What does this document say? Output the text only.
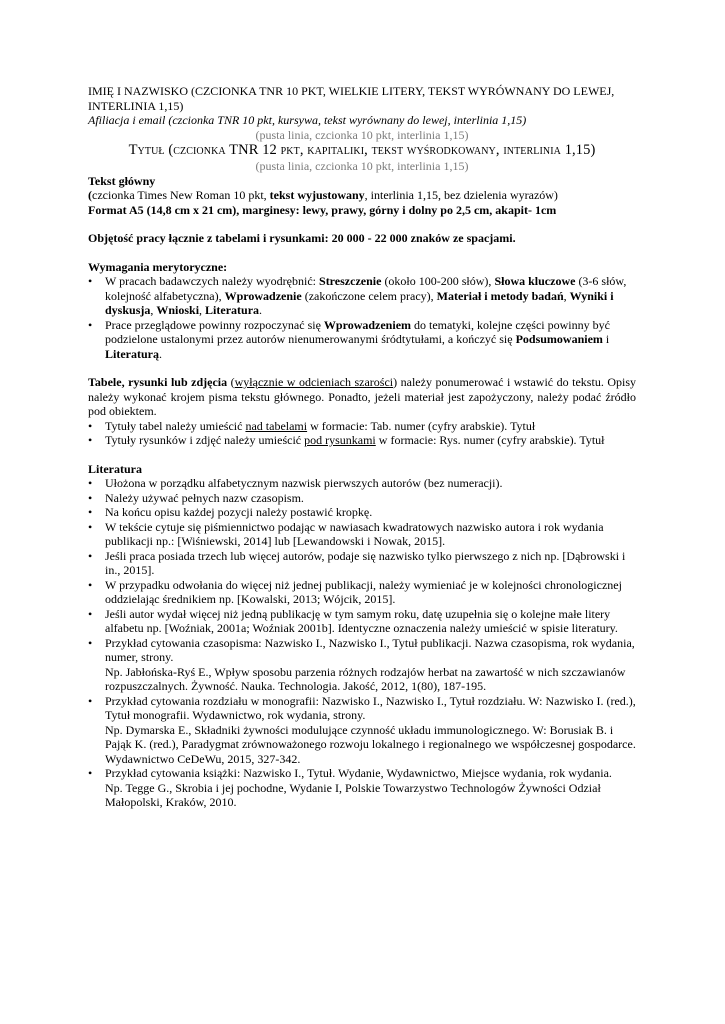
IMIĘ I NAZWISKO (CZCIONKA TNR 10 PKT, WIELKIE LITERY, TEKST WYRÓWNANY DO LEWEJ, INTERLINIA 1,15)

Afiliacja i email (czcionka TNR 10 pkt, kursywa, tekst wyrównany do lewej, interlinia 1,15)

(pusta linia, czcionka 10 pkt, interlinia 1,15)

Tytuł (czcionka TNR 12 pkt, kapitaliki, tekst wyśrodkowany, interlinia 1,15)

(pusta linia, czcionka 10 pkt, interlinia 1,15)

Tekst główny

(czcionka Times New Roman 10 pkt, tekst wyjustowany, interlinia 1,15, bez dzielenia wyrazów)

Format A5 (14,8 cm x 21 cm), marginesy: lewy, prawy, górny i dolny po 2,5 cm, akapit- 1cm

Objętość pracy łącznie z tabelami i rysunkami: 20 000 - 22 000 znaków ze spacjami.

Wymagania merytoryczne:

• W pracach badawczych należy wyodrębnić: Streszczenie (około 100-200 słów), Słowa kluczowe (3-6 słów, kolejność alfabetyczna), Wprowadzenie (zakończone celem pracy), Materiał i metody badań, Wyniki i dyskusja, Wnioski, Literatura.
• Prace przeglądowe powinny rozpoczynać się Wprowadzeniem do tematyki, kolejne części powinny być podzielone ustalonymi przez autorów nienumerowanymi śródtytułami, a kończyć się Podsumowaniem i Literaturą.

Tabele, rysunki lub zdjęcia (wyłącznie w odcieniach szarości) należy ponumerować i wstawić do tekstu. Opisy należy wykonać krojem pisma tekstu głównego. Ponadto, jeżeli materiał jest zapożyczony, należy podać źródło pod obiektem.

• Tytuły tabel należy umieścić nad tabelami w formacie: Tab. numer (cyfry arabskie). Tytuł
• Tytuły rysunków i zdjęć należy umieścić pod rysunkami w formacie: Rys. numer (cyfry arabskie). Tytuł

Literatura

• Ułożona w porządku alfabetycznym nazwisk pierwszych autorów (bez numeracji).
• Należy używać pełnych nazw czasopism.
• Na końcu opisu każdej pozycji należy postawić kropkę.
• W tekście cytuje się piśmiennictwo podając w nawiasach kwadratowych nazwisko autora i rok wydania publikacji np.: [Wiśniewski, 2014] lub [Lewandowski i Nowak, 2015].
• Jeśli praca posiada trzech lub więcej autorów, podaje się nazwisko tylko pierwszego z nich np. [Dąbrowski i in., 2015].
• W przypadku odwołania do więcej niż jednej publikacji, należy wymieniać je w kolejności chronologicznej oddzielając średnikiem np. [Kowalski, 2013; Wójcik, 2015].
• Jeśli autor wydał więcej niż jedną publikację w tym samym roku, datę uzupełnia się o kolejne małe litery alfabetu np. [Woźniak, 2001a; Woźniak 2001b]. Identyczne oznaczenia należy umieścić w spisie literatury.
• Przykład cytowania czasopisma: Nazwisko I., Nazwisko I., Tytuł publikacji. Nazwa czasopisma, rok wydania, numer, strony.
Np. Jabłońska-Ryś E., Wpływ sposobu parzenia różnych rodzajów herbat na zawartość w nich szczawianów rozpuszczalnych. Żywność. Nauka. Technologia. Jakość, 2012, 1(80), 187-195.
• Przykład cytowania rozdziału w monografii: Nazwisko I., Nazwisko I., Tytuł rozdziału. W: Nazwisko I. (red.), Tytuł monografii. Wydawnictwo, rok wydania, strony.
Np. Dymarska E., Składniki żywności modulujące czynność układu immunologicznego. W: Borusiak B. i Pająk K. (red.), Paradygmat zrównoważonego rozwoju lokalnego i regionalnego we współczesnej gospodarce. Wydawnictwo CeDeWu, 2015, 327-342.
• Przykład cytowania książki: Nazwisko I., Tytuł. Wydanie, Wydawnictwo, Miejsce wydania, rok wydania.
Np. Tegge G., Skrobia i jej pochodne, Wydanie I, Polskie Towarzystwo Technologów Żywności Odział Małopolski, Kraków, 2010.
